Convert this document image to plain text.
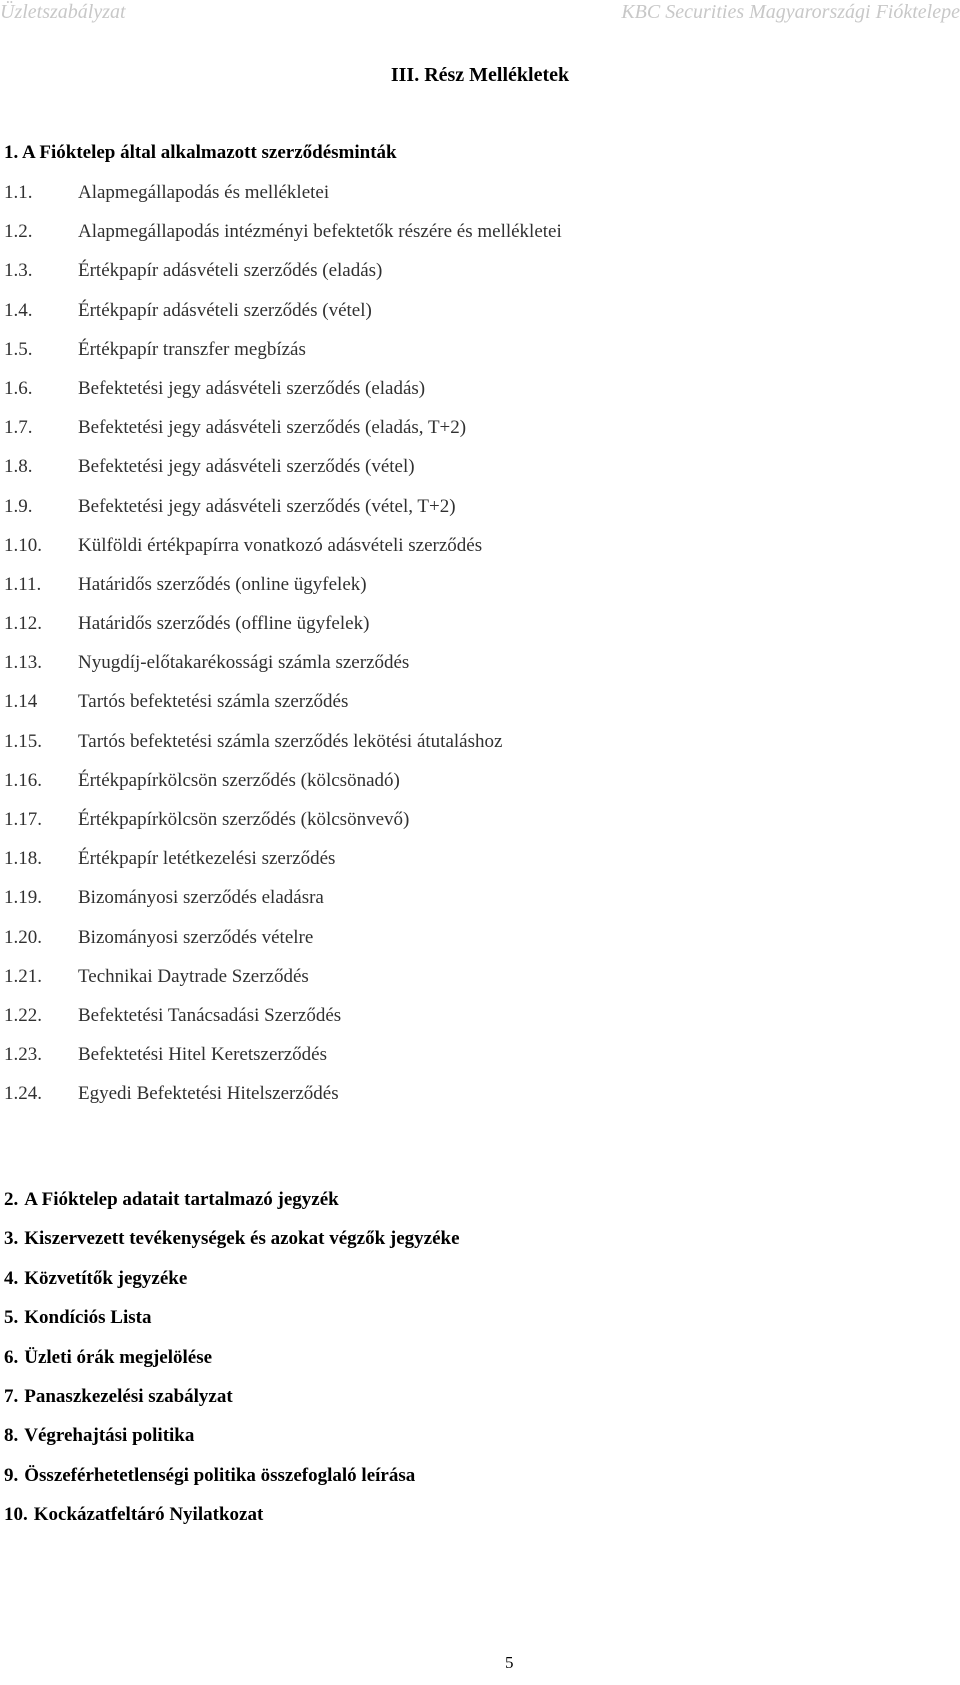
Üzletszabályzat	KBC Securities Magyarországi Fióktelepe
III. Rész Mellékletek
1. A Fióktelep által alkalmazott szerződésminták
1.1.	Alapmegállapodás és mellékletei
1.2.	Alapmegállapodás intézményi befektetők részére és mellékletei
1.3.	Értékpapír adásvételi szerződés (eladás)
1.4.	Értékpapír adásvételi szerződés (vétel)
1.5.	Értékpapír transzfer megbízás
1.6.	Befektetési jegy adásvételi szerződés (eladás)
1.7.	Befektetési jegy adásvételi szerződés (eladás, T+2)
1.8.	Befektetési jegy adásvételi szerződés (vétel)
1.9.	Befektetési jegy adásvételi szerződés (vétel, T+2)
1.10.	Külföldi értékpapírra vonatkozó adásvételi szerződés
1.11.	Határidős szerződés (online ügyfelek)
1.12.	Határidős szerződés (offline ügyfelek)
1.13.	Nyugdíj-előtakarékossági számla szerződés
1.14	Tartós befektetési számla szerződés
1.15.	Tartós befektetési számla szerződés lekötési átutaláshoz
1.16.	Értékpapírkölcsön szerződés (kölcsönadó)
1.17.	Értékpapírkölcsön szerződés (kölcsönvevő)
1.18.	Értékpapír letétkezelési szerződés
1.19.	Bizományosi szerződés eladásra
1.20.	Bizományosi szerződés vételre
1.21.	Technikai Daytrade Szerződés
1.22.	Befektetési Tanácsadási Szerződés
1.23.	Befektetési Hitel Keretszerződés
1.24.	Egyedi Befektetési Hitelszerződés
2. A Fióktelep adatait tartalmazó jegyzék
3. Kiszervezett tevékenységek és azokat végzők jegyzéke
4. Közvetítők jegyzéke
5. Kondíciós Lista
6. Üzleti órák megjelölése
7. Panaszkezelési szabályzat
8. Végrehajtási politika
9. Összeférhetetlenségi politika összefoglaló leírása
10. Kockázatfeltáró Nyilatkozat
5
